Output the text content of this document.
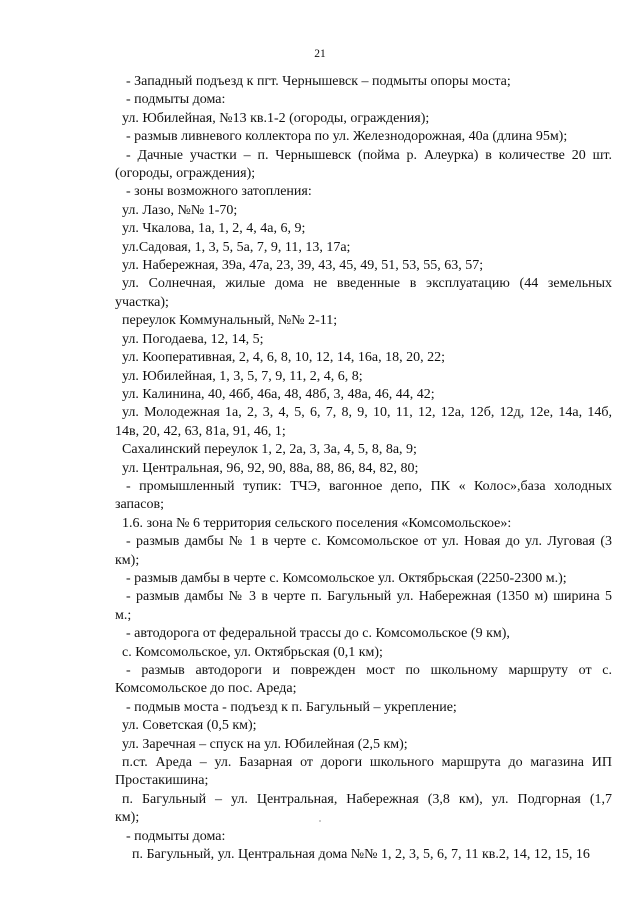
21
- Западный подъезд к пгт. Чернышевск – подмыты опоры моста;
- подмыты дома:
ул. Юбилейная, №13 кв.1-2 (огороды, ограждения);
- размыв ливневого коллектора по ул. Железнодорожная, 40а (длина 95м);
- Дачные участки – п. Чернышевск (пойма р. Алеурка) в количестве 20 шт.
(огороды, ограждения);
- зоны возможного затопления:
ул. Лазо, №№ 1-70;
ул. Чкалова, 1а, 1, 2, 4, 4а, 6, 9;
ул.Садовая, 1, 3, 5, 5а, 7, 9, 11, 13, 17а;
ул. Набережная, 39а, 47а, 23, 39, 43, 45, 49, 51, 53, 55, 63, 57;
ул. Солнечная, жилые дома не введенные в эксплуатацию (44 земельных
участка);
переулок Коммунальный, №№ 2-11;
ул. Погодаева, 12, 14, 5;
ул. Кооперативная, 2, 4, 6, 8, 10, 12, 14, 16а, 18, 20, 22;
ул. Юбилейная, 1, 3, 5, 7, 9, 11, 2, 4, 6, 8;
ул. Калинина, 40, 46б, 46а, 48, 48б, 3, 48а, 46, 44, 42;
ул. Молодежная 1а, 2, 3, 4, 5, 6, 7, 8, 9, 10, 11, 12, 12а, 12б, 12д, 12е, 14а, 14б,
14в, 20, 42, 63, 81а, 91, 46, 1;
Сахалинский переулок 1, 2, 2а, 3, 3а, 4, 5, 8, 8а, 9;
ул. Центральная, 96, 92, 90, 88а, 88, 86, 84, 82, 80;
- промышленный тупик: ТЧЭ, вагонное депо, ПК « Колос»,база холодных
запасов;
1.6. зона № 6 территория сельского поселения «Комсомольское»:
- размыв дамбы № 1 в черте с. Комсомольское от ул. Новая до ул. Луговая (3
км);
- размыв дамбы в черте с. Комсомольское ул. Октябрьская (2250-2300 м.);
- размыв дамбы № 3 в черте п. Багульный ул. Набережная (1350 м) ширина 5
м.;
- автодорога от федеральной трассы до с. Комсомольское (9 км),
с. Комсомольское, ул. Октябрьская (0,1 км);
- размыв автодороги и поврежден мост по школьному маршруту от с.
Комсомольское до пос. Ареда;
- подмыв моста - подъезд к п. Багульный – укрепление;
ул. Советская (0,5 км);
ул. Заречная – спуск на ул. Юбилейная (2,5 км);
п.ст. Ареда – ул. Базарная от дороги школьного маршрута до магазина ИП
Простакишина;
п. Багульный – ул. Центральная, Набережная (3,8 км), ул. Подгорная (1,7
км);
- подмыты дома:
п. Багульный, ул. Центральная дома №№ 1, 2, 3, 5, 6, 7, 11 кв.2, 14, 12, 15, 16
